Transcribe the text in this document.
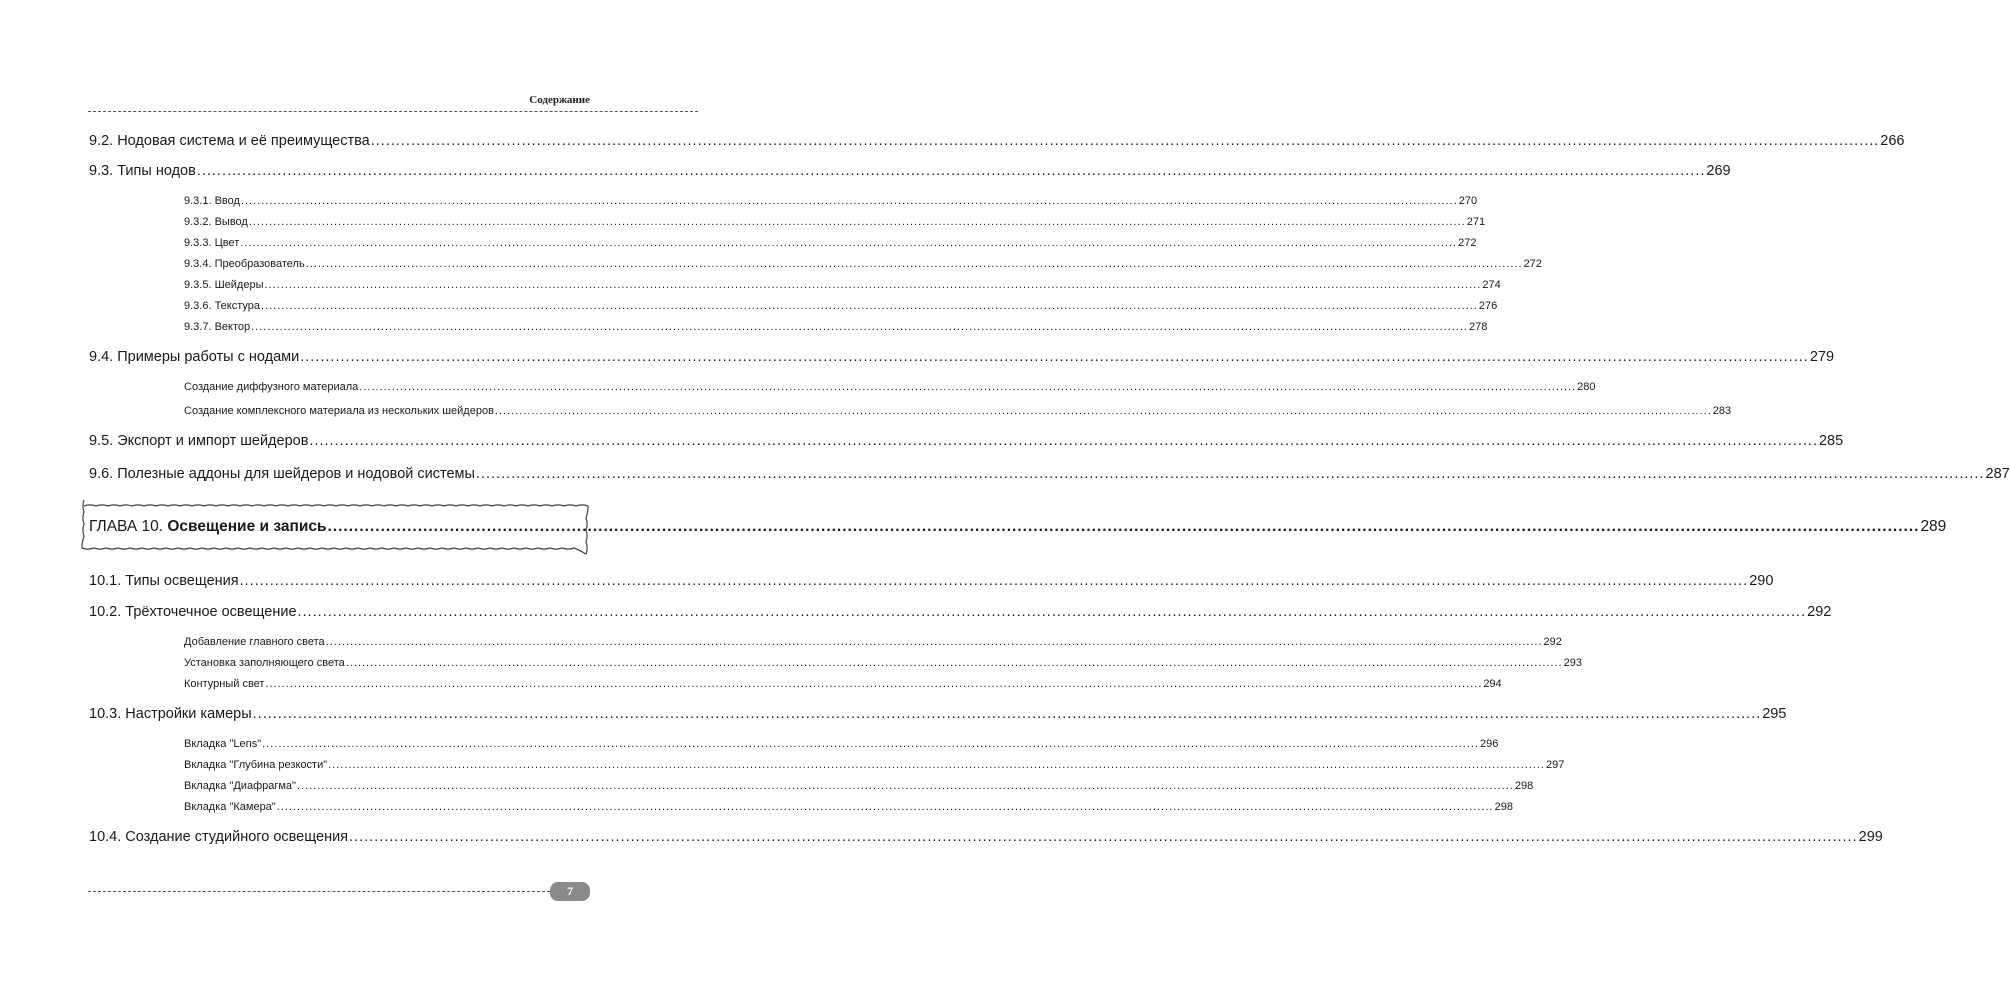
Содержание
9.2. Нодовая система и её преимущества ............................................................................................................................................................................................................................................................................................................ 266
9.3. Типы нодов ............................................................................................................................................................................................................................................................................................................ 269
9.3.1. Ввод ............................................................................................................................................................................................................................................................................................................ 270
9.3.2. Вывод ............................................................................................................................................................................................................................................................................................................ 271
9.3.3. Цвет ............................................................................................................................................................................................................................................................................................................ 272
9.3.4. Преобразователь ............................................................................................................................................................................................................................................................................................................ 272
9.3.5. Шейдеры ............................................................................................................................................................................................................................................................................................................ 274
9.3.6. Текстура ............................................................................................................................................................................................................................................................................................................ 276
9.3.7. Вектор ............................................................................................................................................................................................................................................................................................................ 278
9.4. Примеры работы с нодами ............................................................................................................................................................................................................................................................................................................ 279
Создание диффузного материала ............................................................................................................................................................................................................................................................................................................ 280
Создание комплексного материала из нескольких шейдеров ............................................................................................................................................................................................................................................................................................................ 283
9.5. Экспорт и импорт шейдеров ............................................................................................................................................................................................................................................................................................................ 285
9.6. Полезные аддоны для шейдеров и нодовой системы ............................................................................................................................................................................................................................................................................................................ 287
ГЛАВА 10.
Освещение и запись ............................................................................................................................................................................................................................................................................................................ 289
10.1. Типы освещения ............................................................................................................................................................................................................................................................................................................ 290
10.2. Трёхточечное освещение ............................................................................................................................................................................................................................................................................................................ 292
Добавление главного света ............................................................................................................................................................................................................................................................................................................ 292
Установка заполняющего света ............................................................................................................................................................................................................................................................................................................ 293
Контурный свет ............................................................................................................................................................................................................................................................................................................ 294
10.3. Настройки камеры ............................................................................................................................................................................................................................................................................................................ 295
Вкладка "Lens" ............................................................................................................................................................................................................................................................................................................ 296
Вкладка "Глубина резкости" ............................................................................................................................................................................................................................................................................................................ 297
Вкладка "Диафрагма" ............................................................................................................................................................................................................................................................................................................ 298
Вкладка "Камера" ............................................................................................................................................................................................................................................................................................................ 298
10.4. Создание студийного освещения ............................................................................................................................................................................................................................................................................................................ 299
7
